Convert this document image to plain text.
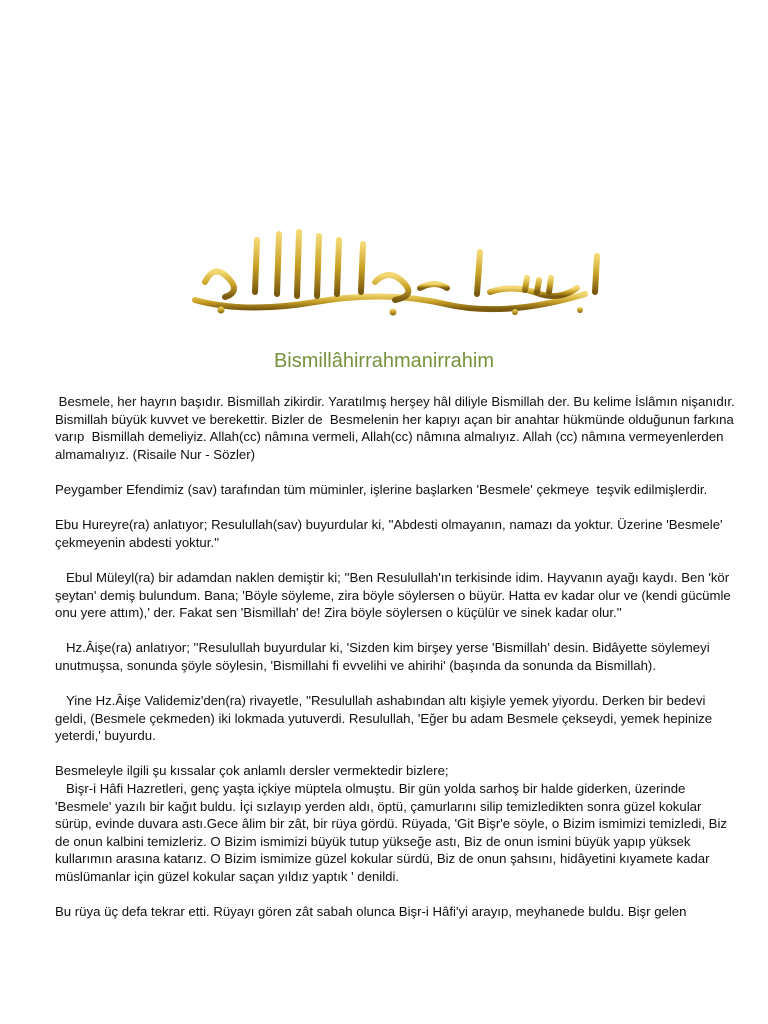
Bismillâhirrahmanirrahim

Besmele, her hayrın başıdır. Bismillah zikirdir. Yaratılmış herşey hâl diliyle Bismillah der. Bu kelime İslâmın nişanıdır. Bismillah büyük kuvvet ve berekettir. Bizler de  Besmelenin her kapıyı açan bir anahtar hükmünde olduğunun farkına varıp  Bismillah demeliyiz. Allah(cc) nâmına vermeli, Allah(cc) nâmına almalıyız. Allah (cc) nâmına vermeyenlerden almamalıyız. (Risaile Nur - Sözler)

Peygamber Efendimiz (sav) tarafından tüm müminler, işlerine başlarken 'Besmele' çekmeye  teşvik edilmişlerdir.

Ebu Hureyre(ra) anlatıyor; Resulullah(sav) buyurdular ki, ''Abdesti olmayanın, namazı da yoktur. Üzerine 'Besmele' çekmeyenin abdesti yoktur.''

Ebul Müleyl(ra) bir adamdan naklen demiştir ki; ''Ben Resulullah'ın terkisinde idim. Hayvanın ayağı kaydı. Ben 'kör şeytan' demiş bulundum. Bana; 'Böyle söyleme, zira böyle söylersen o büyür. Hatta ev kadar olur ve (kendi gücümle onu yere attım),' der. Fakat sen 'Bismillah' de! Zira böyle söylersen o küçülür ve sinek kadar olur.''

Hz.Âişe(ra) anlatıyor; ''Resulullah buyurdular ki, 'Sizden kim birşey yerse 'Bismillah' desin. Bidâyette söylemeyi unutmuşsa, sonunda şöyle söylesin, 'Bismillahi fi evvelihi ve ahirihi' (başında da sonunda da Bismillah).

Yine Hz.Âişe Validemiz'den(ra) rivayetle, ''Resulullah ashabından altı kişiyle yemek yiyordu. Derken bir bedevi geldi, (Besmele çekmeden) iki lokmada yutuverdi. Resulullah, 'Eğer bu adam Besmele çekseydi, yemek hepinize yeterdi,' buyurdu.

Besmeleyle ilgili şu kıssalar çok anlamlı dersler vermektedir bizlere;

Bişr-i Hâfi Hazretleri, genç yaşta içkiye müptela olmuştu. Bir gün yolda sarhoş bir halde giderken, üzerinde 'Besmele' yazılı bir kağıt buldu. İçi sızlayıp yerden aldı, öptü, çamurlarını silip temizledikten sonra güzel kokular sürüp, evinde duvara astı.Gece âlim bir zât, bir rüya gördü. Rüyada, 'Git Bişr'e söyle, o Bizim ismimizi temizledi, Biz de onun kalbini temizleriz. O Bizim ismimizi büyük tutup yükseğe astı, Biz de onun ismini büyük yapıp yüksek kullarımın arasına katarız. O Bizim ismimize güzel kokular sürdü, Biz de onun şahsını, hidâyetini kıyamete kadar müslümanlar için güzel kokular saçan yıldız yaptık ' denildi.

Bu rüya üç defa tekrar etti. Rüyayı gören zât sabah olunca Bişr-i Hâfi'yi arayıp, meyhanede buldu. Bişr gelen
